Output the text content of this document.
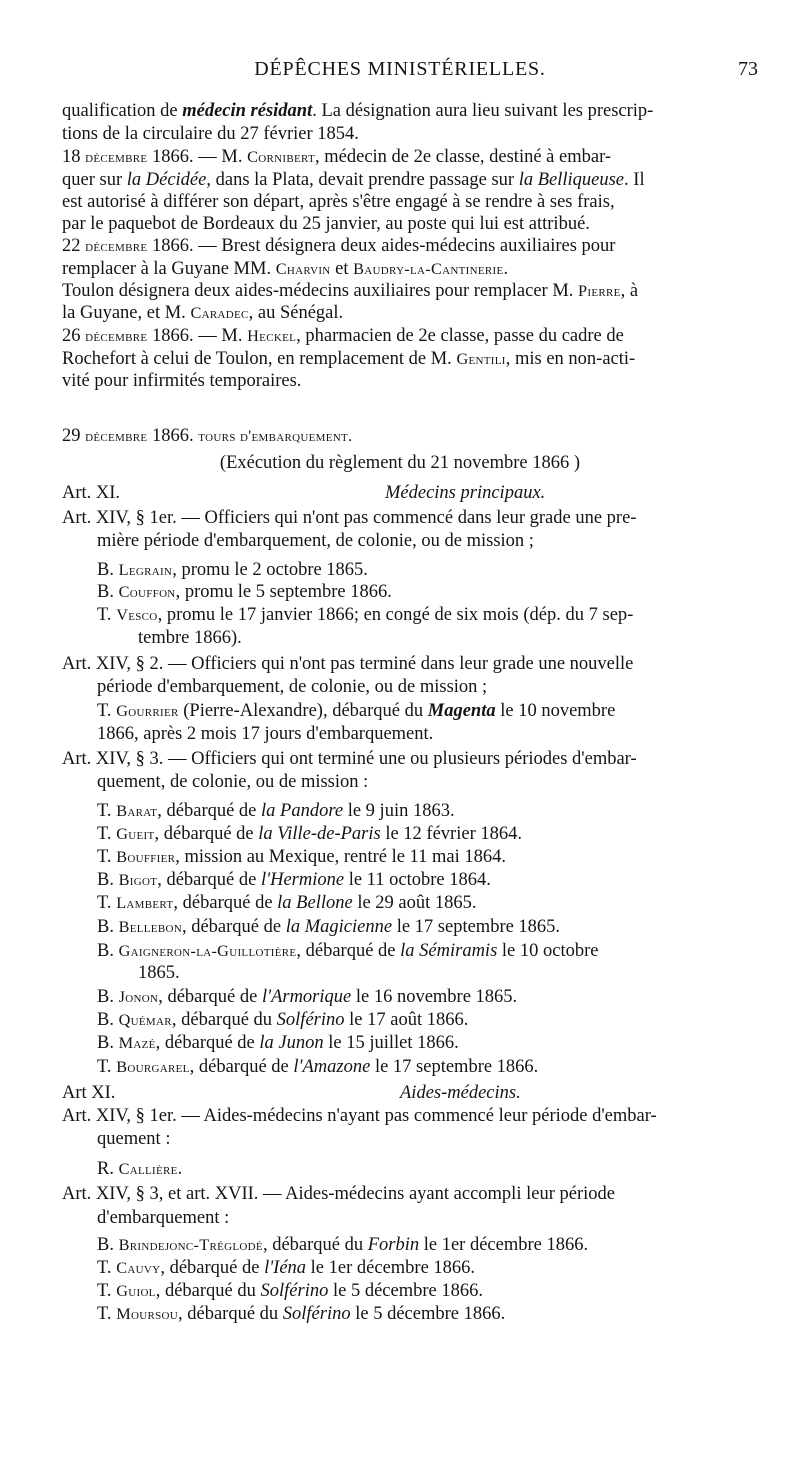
DÉPÊCHES MINISTÉRIELLES.	73
qualification de médecin résidant. La désignation aura lieu suivant les prescrip-
tions de la circulaire du 27 février 1854.
18 décembre 1866. — M. Cornibert, médecin de 2e classe, destiné à embar-
quer sur la Décidée, dans la Plata, devait prendre passage sur la Belliqueuse. Il
est autorisé à différer son départ, après s'être engagé à se rendre à ses frais,
par le paquebot de Bordeaux du 25 janvier, au poste qui lui est attribué.
22 décembre 1866. — Brest désignera deux aides-médecins auxiliaires pour
remplacer à la Guyane MM. Charvin et Baudry-la-Cantinerie.
Toulon désignera deux aides-médecins auxiliaires pour remplacer M. Pierre, à
la Guyane, et M. Caradec, au Sénégal.
26 décembre 1866. — M. Heckel, pharmacien de 2e classe, passe du cadre de
Rochefort à celui de Toulon, en remplacement de M. Gentili, mis en non-acti-
vité pour infirmités temporaires.
29 décembre 1866. tours d'embarquement.
(Exécution du règlement du 21 novembre 1866 )
Art. XI.	Médecins principaux.
Art. XIV, § 1er. — Officiers qui n'ont pas commencé dans leur grade une pre-
mière période d'embarquement, de colonie, ou de mission ;
B. Legrain, promu le 2 octobre 1865.
B. Couffon, promu le 5 septembre 1866.
T. Vesco, promu le 17 janvier 1866; en congé de six mois (dép. du 7 sep-
tembre 1866).
Art. XIV, § 2. — Officiers qui n'ont pas terminé dans leur grade une nouvelle
période d'embarquement, de colonie, ou de mission ;
T. Gourrier (Pierre-Alexandre), débarqué du Magenta le 10 novembre
1866, après 2 mois 17 jours d'embarquement.
Art. XIV, § 3. — Officiers qui ont terminé une ou plusieurs périodes d'embar-
quement, de colonie, ou de mission :
T. Barat, débarqué de la Pandore le 9 juin 1863.
T. Gueit, débarqué de la Ville-de-Paris le 12 février 1864.
T. Bouffier, mission au Mexique, rentré le 11 mai 1864.
B. Bigot, débarqué de l'Hermione le 11 octobre 1864.
T. Lambert, débarqué de la Bellone le 29 août 1865.
B. Bellebon, débarqué de la Magicienne le 17 septembre 1865.
B. Gaigneron-la-Guillotière, débarqué de la Sémiramis le 10 octobre
1865.
B. Jonon, débarqué de l'Armorique le 16 novembre 1865.
B. Quémar, débarqué du Solférino le 17 août 1866.
B. Mazé, débarqué de la Junon le 15 juillet 1866.
T. Bourgarel, débarqué de l'Amazone le 17 septembre 1866.
Art XI.	Aides-médecins.
Art. XIV, § 1er. — Aides-médecins n'ayant pas commencé leur période d'embar-
quement :
R. Callière.
Art. XIV, § 3, et art. XVII. — Aides-médecins ayant accompli leur période
d'embarquement :
B. Brindejonc-Tréglodé, débarqué du Forbin le 1er décembre 1866.
T. Cauvy, débarqué de l'Iéna le 1er décembre 1866.
T. Guiol, débarqué du Solférino le 5 décembre 1866.
T. Moursou, débarqué du Solférino le 5 décembre 1866.
